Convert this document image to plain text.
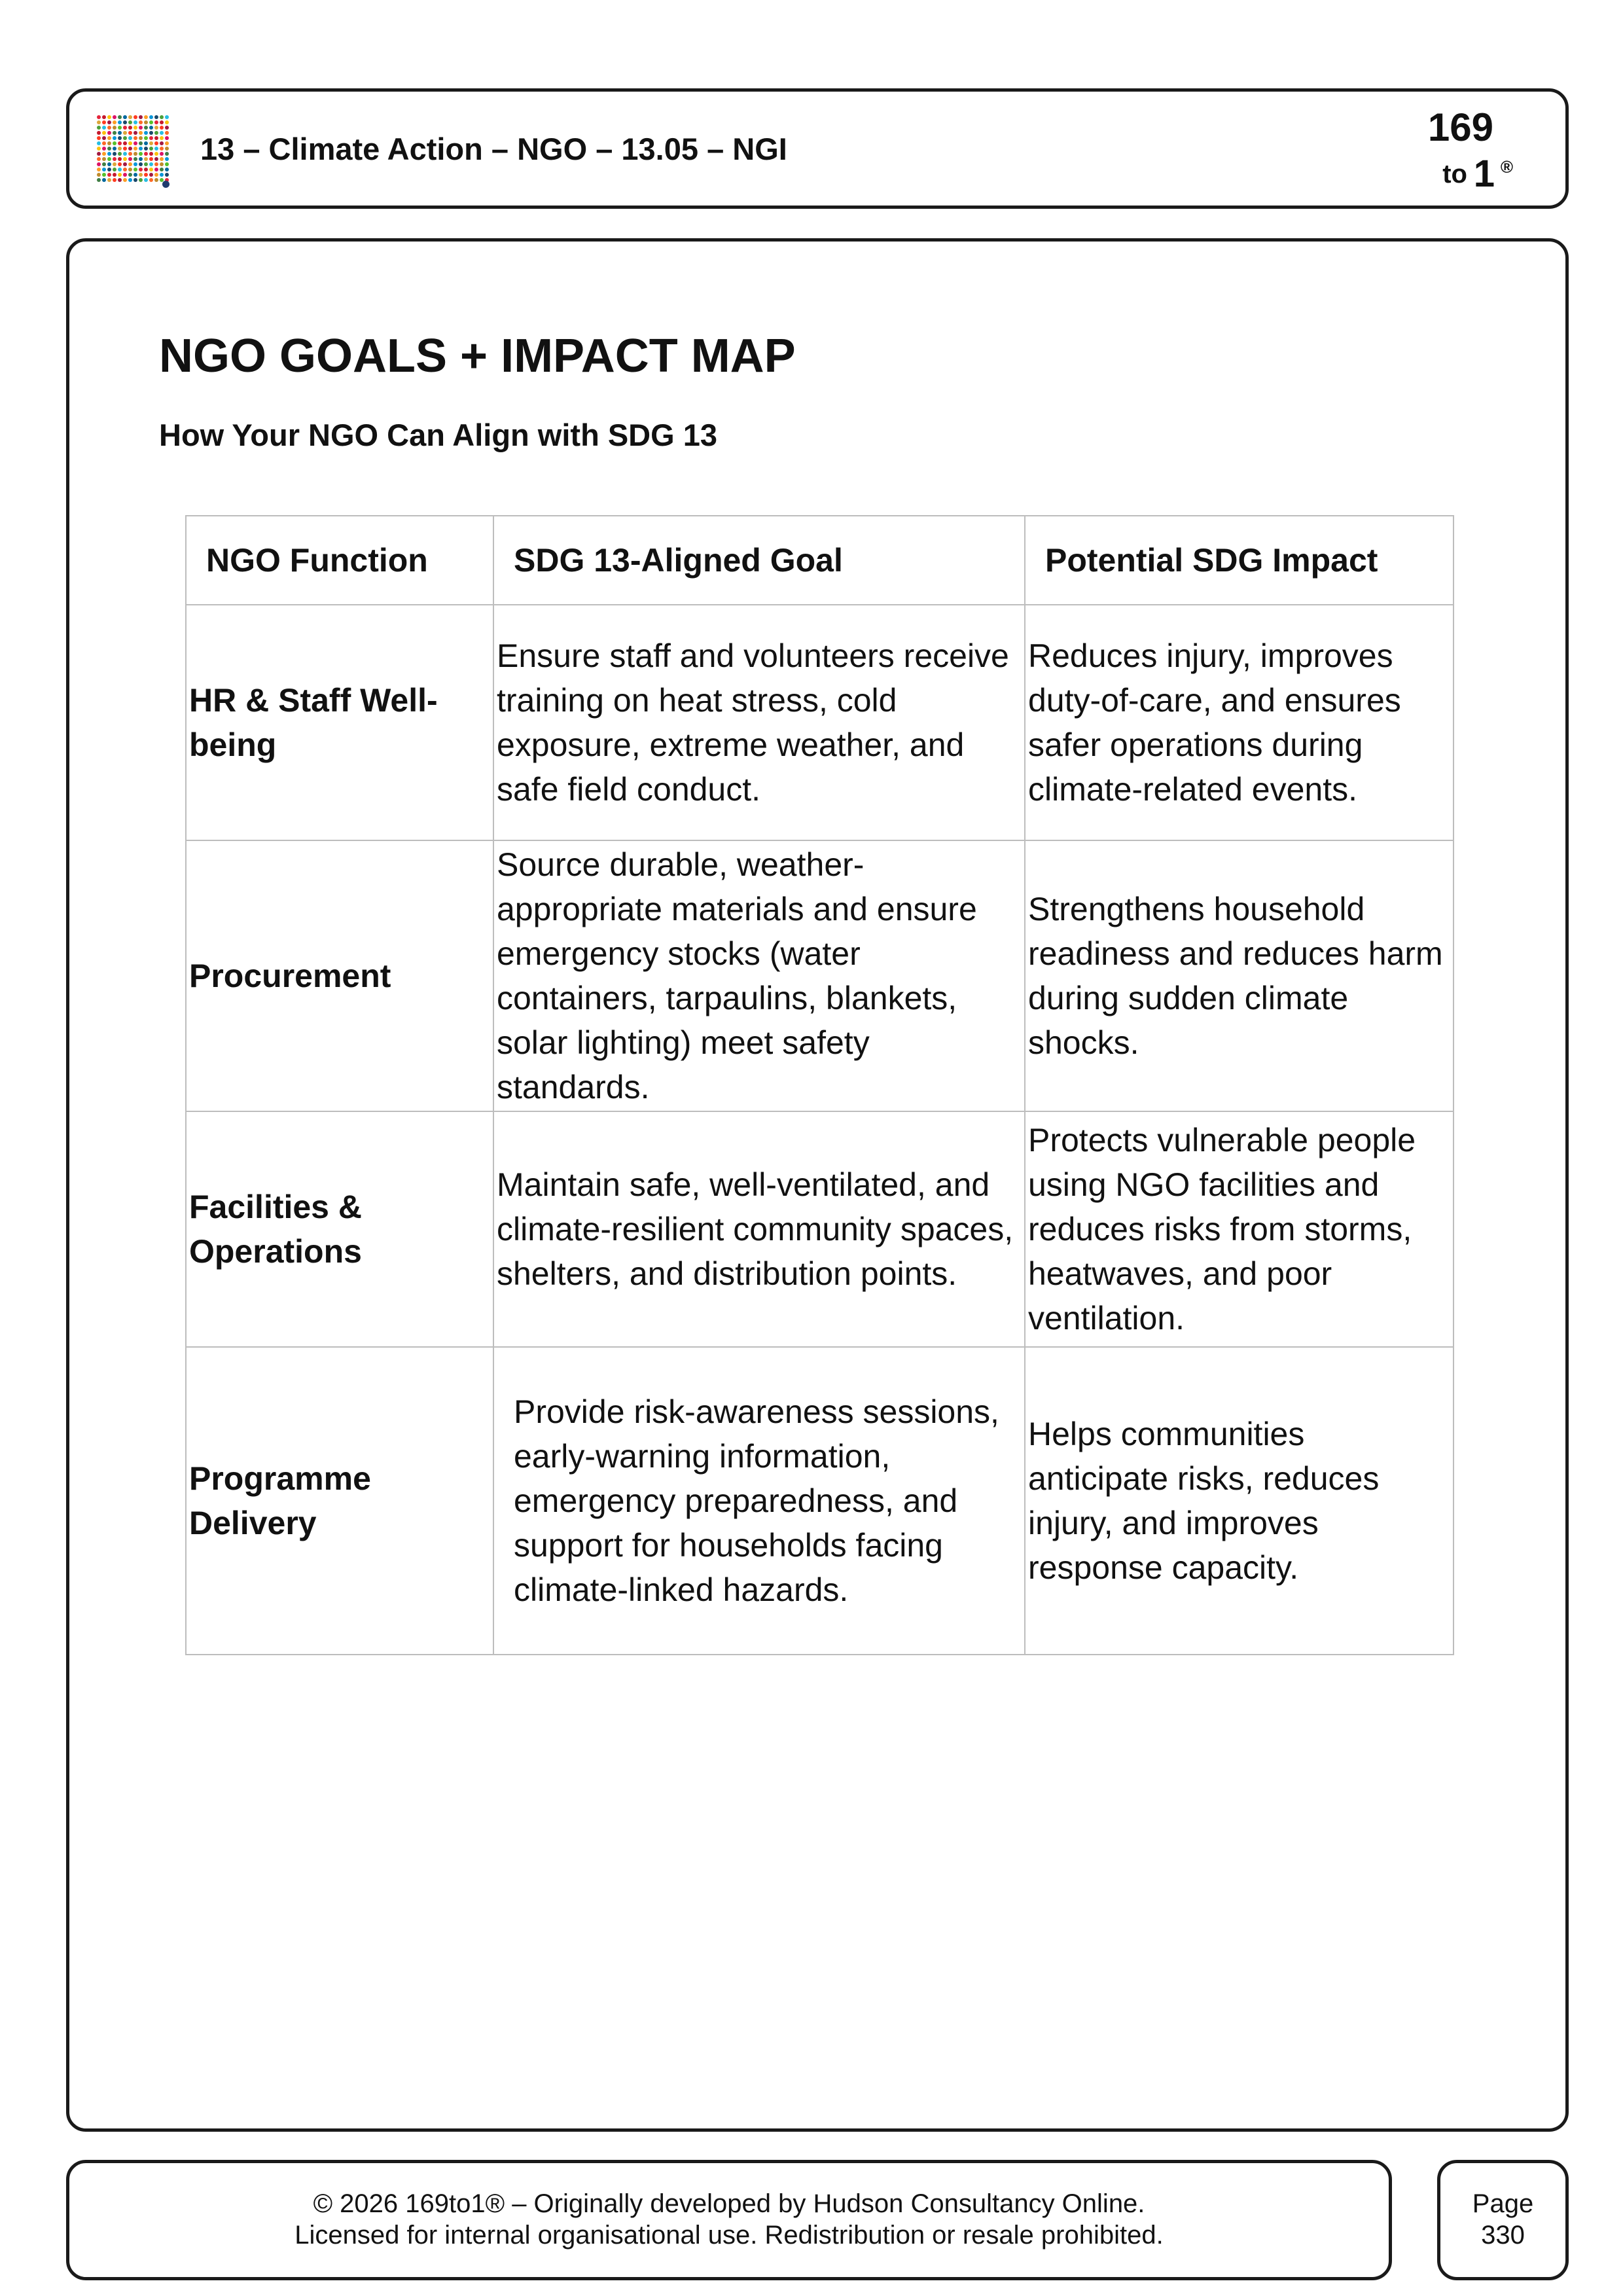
13 – Climate Action – NGO – 13.05 – NGI	169
to 1 ®
NGO GOALS + IMPACT MAP
How Your NGO Can Align with SDG 13
NGO Function	SDG 13-Aligned Goal	Potential SDG Impact
HR & Staff Well-being	Ensure staff and volunteers receive training on heat stress, cold exposure, extreme weather, and safe field conduct.	Reduces injury, improves duty-of-care, and ensures safer operations during climate-related events.
Procurement	Source durable, weather-appropriate materials and ensure emergency stocks (water containers, tarpaulins, blankets, solar lighting) meet safety standards.	Strengthens household readiness and reduces harm during sudden climate shocks.
Facilities & Operations	Maintain safe, well-ventilated, and climate-resilient community spaces, shelters, and distribution points.	Protects vulnerable people using NGO facilities and reduces risks from storms, heatwaves, and poor ventilation.
Programme Delivery	Provide risk-awareness sessions, early-warning information, emergency preparedness, and support for households facing climate-linked hazards.	Helps communities anticipate risks, reduces injury, and improves response capacity.
© 2026 169to1® – Originally developed by Hudson Consultancy Online.
Licensed for internal organisational use. Redistribution or resale prohibited.
Page
330
